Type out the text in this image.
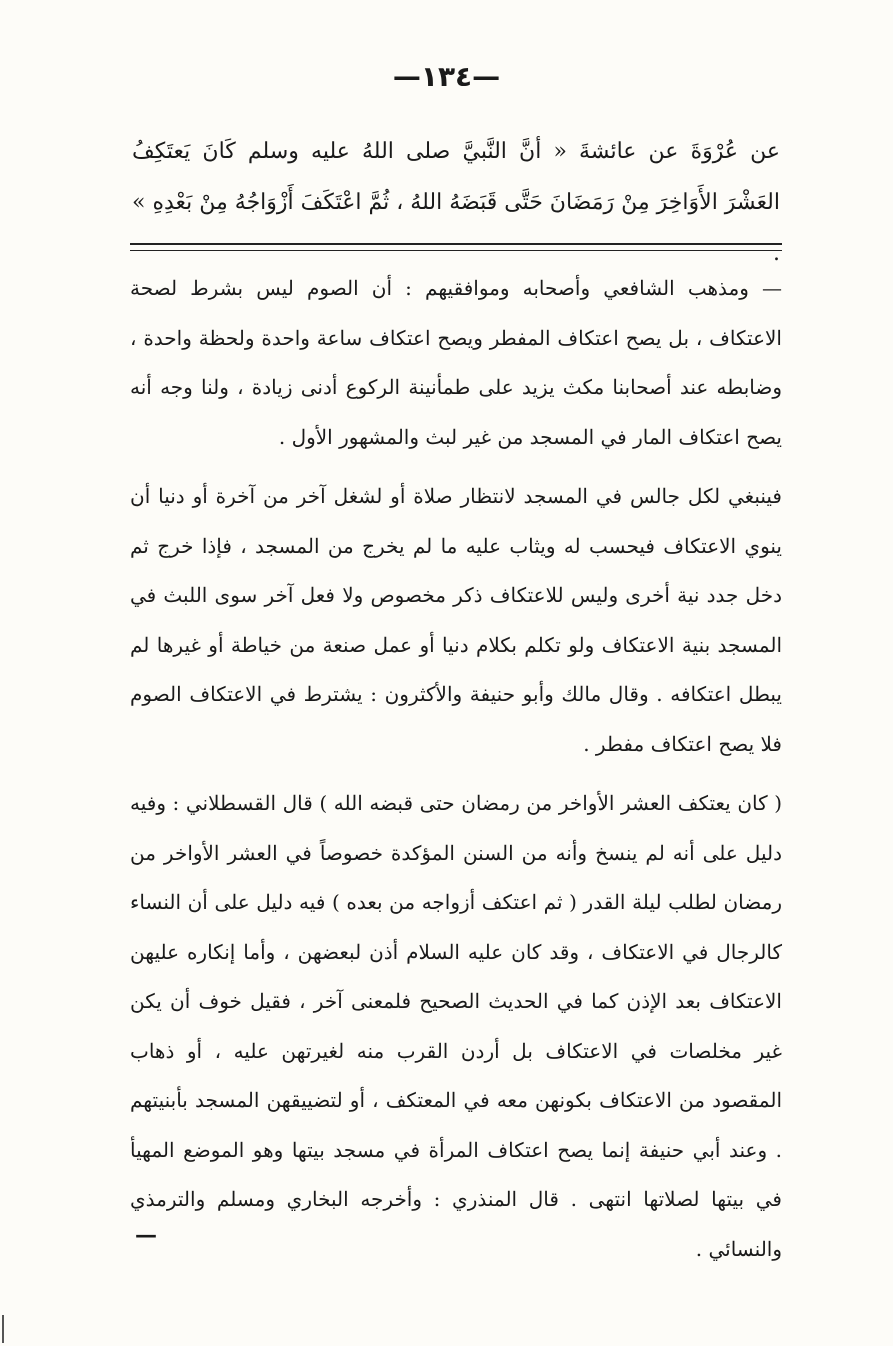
—١٣٤—
عن عُرْوَةَ عن عائشةَ « أنَّ النَّبيَّ صلى اللهُ عليه وسلم كَانَ يَعتَكِفُ العَشْرَ الأَوَاخِرَ مِنْ رَمَضَانَ حَتَّى قَبَضَهُ اللهُ ، ثُمَّ اعْتَكَفَ أَزْوَاجُهُ مِنْ بَعْدِهِ » .

— ومذهب الشافعي وأصحابه وموافقيهم : أن الصوم ليس بشرط لصحة الاعتكاف ، بل يصح اعتكاف المفطر ويصح اعتكاف ساعة واحدة ولحظة واحدة ، وضابطه عند أصحابنا مكث يزيد على طمأنينة الركوع أدنى زيادة ، ولنا وجه أنه يصح اعتكاف المار في المسجد من غير لبث والمشهور الأول .

فينبغي لكل جالس في المسجد لانتظار صلاة أو لشغل آخر من آخرة أو دنيا أن ينوي الاعتكاف فيحسب له ويثاب عليه ما لم يخرج من المسجد ، فإذا خرج ثم دخل جدد نية أخرى وليس للاعتكاف ذكر مخصوص ولا فعل آخر سوى اللبث في المسجد بنية الاعتكاف ولو تكلم بكلام دنيا أو عمل صنعة من خياطة أو غيرها لم يبطل اعتكافه . وقال مالك وأبو حنيفة والأكثرون : يشترط في الاعتكاف الصوم فلا يصح اعتكاف مفطر .

( كان يعتكف العشر الأواخر من رمضان حتى قبضه الله ) قال القسطلاني : وفيه دليل على أنه لم ينسخ وأنه من السنن المؤكدة خصوصاً في العشر الأواخر من رمضان لطلب ليلة القدر ( ثم اعتكف أزواجه من بعده ) فيه دليل على أن النساء كالرجال في الاعتكاف ، وقد كان عليه السلام أذن لبعضهن ، وأما إنكاره عليهن الاعتكاف بعد الإذن كما في الحديث الصحيح فلمعنى آخر ، فقيل خوف أن يكن غير مخلصات في الاعتكاف بل أردن القرب منه لغيرتهن عليه ، أو ذهاب المقصود من الاعتكاف بكونهن معه في المعتكف ، أو لتضييقهن المسجد بأبنيتهم . وعند أبي حنيفة إنما يصح اعتكاف المرأة في مسجد بيتها وهو الموضع المهيأ في بيتها لصلاتها انتهى . قال المنذري : وأخرجه البخاري ومسلم والترمذي والنسائي .

—
